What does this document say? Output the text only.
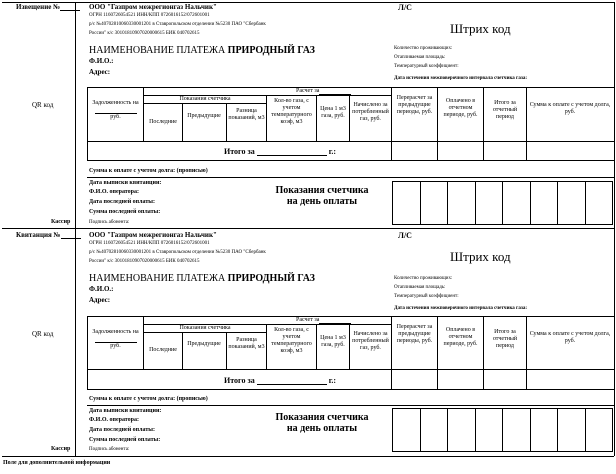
Извещение №
QR код
Кассир
ООО "Газпром межрегионгаз Нальчик"
ОГРН 1160726054521 ИНН/КПП 0726016152/072601001
р/с №40702810060330001201 в Ставропольском отделении №5230 ПАО "Сбербанк
России" к/с 30101810907020000615 БИК 040702615
Л/С
Штрих код
НАИМЕНОВАНИЕ ПЛАТЕЖА ПРИРОДНЫЙ ГАЗ
Ф.И.О.:
Адрес:
Количество проживающих:
Отапливаемая площадь:
Температурный коэффициент:
Дата истечения межповерочного интервала счетчика газа:
Расчет за
Задолженность на
руб.
Показания счетчика
Последние
Предыдущие
Разница показаний, м3
Кол-во газа, с учетом температурного коэф, м3
Цена 1 м3 газа, руб.
Начислено за потребленный газ, руб.
Перерасчет за предыдущие периоды, руб.
Оплачено в отчетном периоде, руб.
Итого за отчетный период
Сумма к оплате с учетом долга, руб.
Итого за	г.:
Сумма к оплате с учетом долга: (прописью)
Дата выписки квитанции:
Ф.И.О. оператора:
Дата последней оплаты:
Сумма последней оплаты:
Подпись абонента:
Показания счетчика
на день оплаты
Квитанция №
QR код
Кассир
ООО "Газпром межрегионгаз Нальчик"
ОГРН 1160726054521 ИНН/КПП 0726016152/072601001
р/с №40702810060330001201 в Ставропольском отделении №5230 ПАО "Сбербанк
России" к/с 30101810907020000615 БИК 040702615
Л/С
Штрих код
НАИМЕНОВАНИЕ ПЛАТЕЖА ПРИРОДНЫЙ ГАЗ
Ф.И.О.:
Адрес:
Количество проживающих:
Отапливаемая площадь:
Температурный коэффициент:
Дата истечения межповерочного интервала счетчика газа:
Расчет за
Задолженность на
руб.
Показания счетчика
Последние
Предыдущие
Разница показаний, м3
Кол-во газа, с учетом температурного коэф, м3
Цена 1 м3 газа, руб.
Начислено за потребленный газ, руб.
Перерасчет за предыдущие периоды, руб.
Оплачено в отчетном периоде, руб.
Итого за отчетный период
Сумма к оплате с учетом долга, руб.
Итого за	г.:
Сумма к оплате с учетом долга: (прописью)
Дата выписки квитанции:
Ф.И.О. оператора:
Дата последней оплаты:
Сумма последней оплаты:
Подпись абонента:
Показания счетчика
на день оплаты
Поле для дополнительной информации
